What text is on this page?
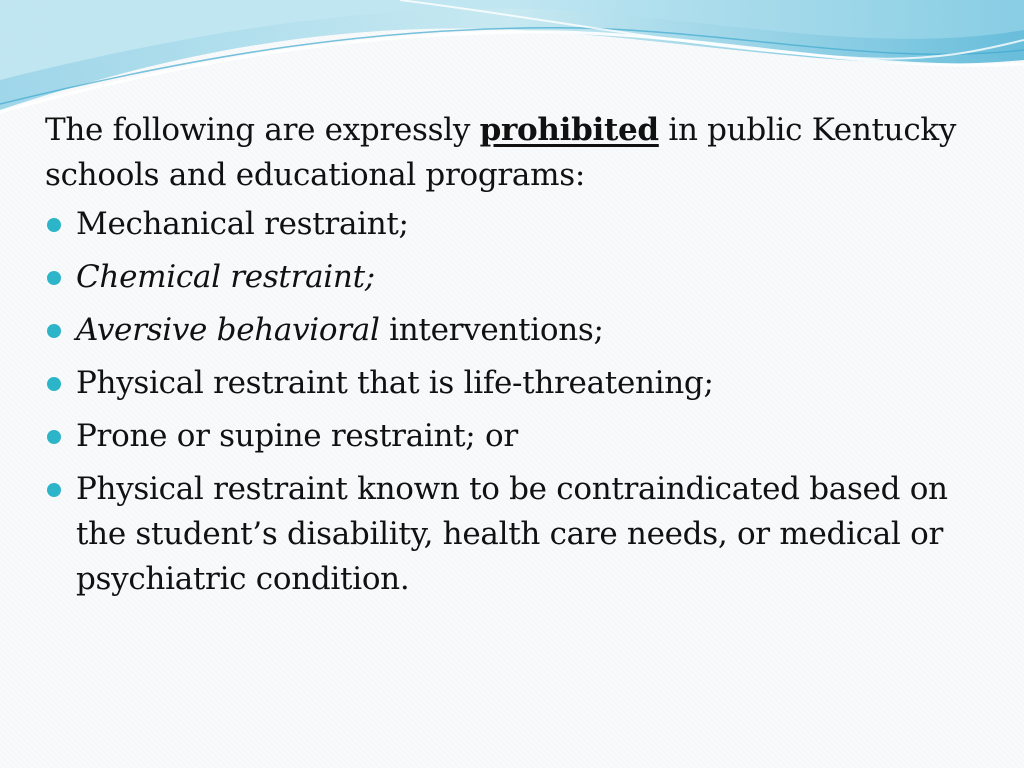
The following are expressly prohibited in public Kentucky schools and educational programs:

Mechanical restraint;
Chemical restraint;
Aversive behavioral interventions;
Physical restraint that is life-threatening;
Prone or supine restraint; or
Physical restraint known to be contraindicated based on the student’s disability, health care needs, or medical or psychiatric condition.
